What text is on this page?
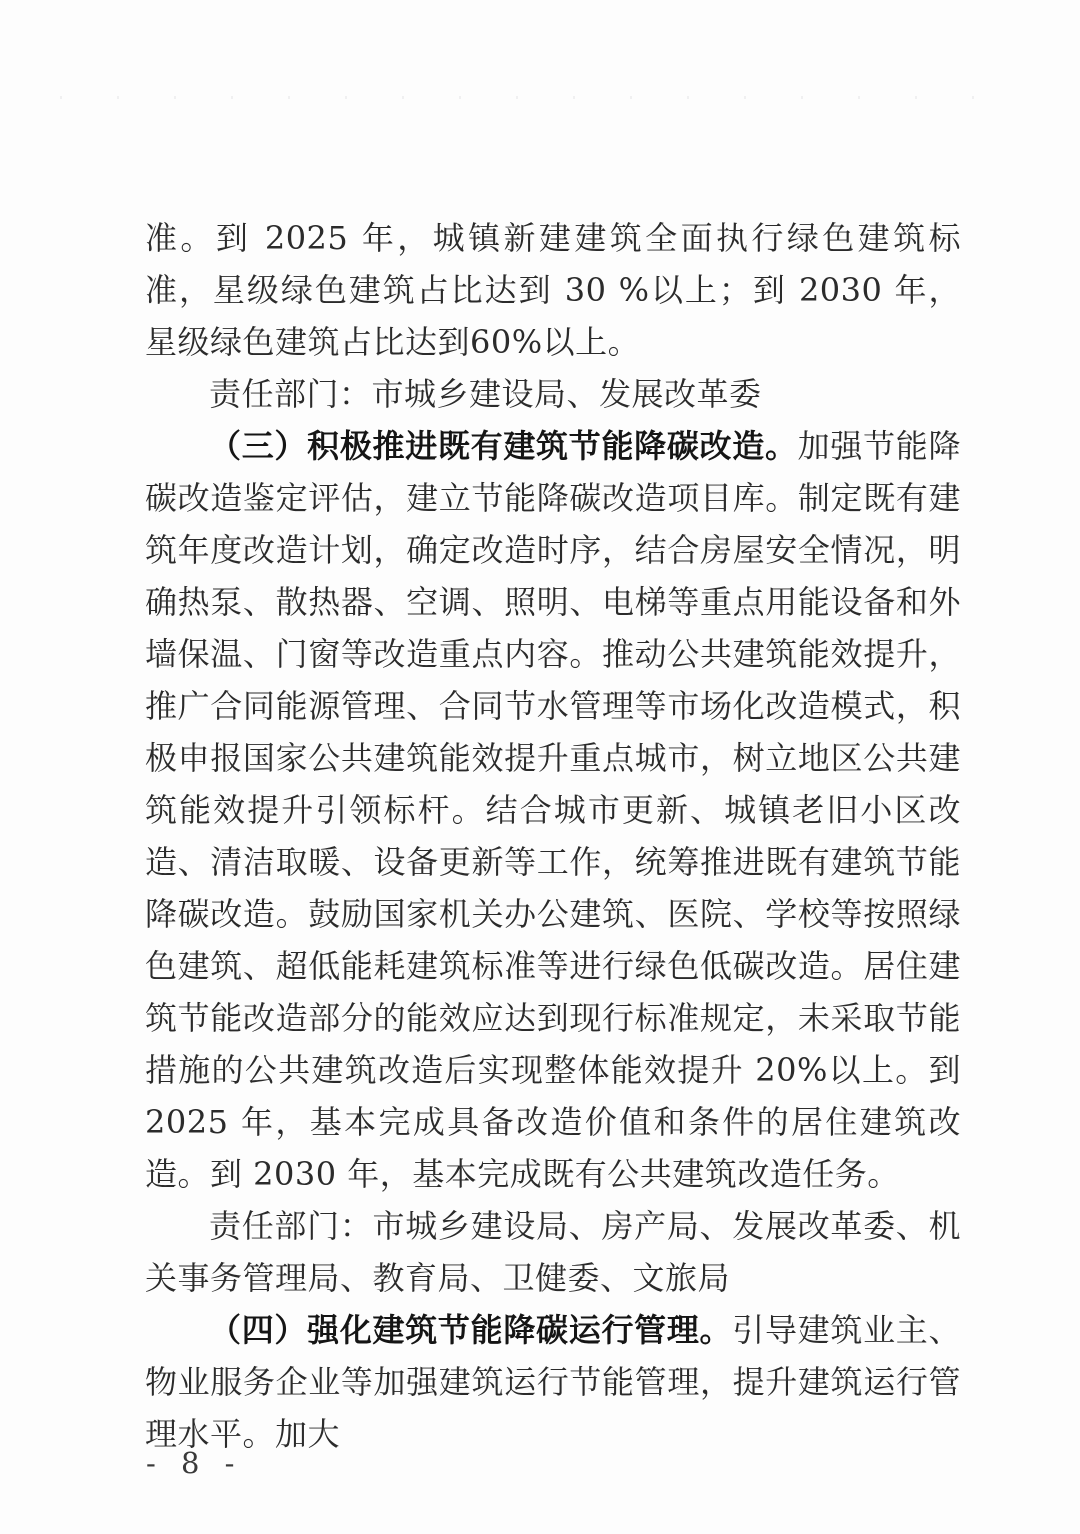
准。到 2025 年，城镇新建建筑全面执行绿色建筑标准，星级绿色建筑占比达到 30 %以上；到 2030 年，星级绿色建筑占比达到60%以上。

责任部门：市城乡建设局、发展改革委

（三）积极推进既有建筑节能降碳改造。加强节能降碳改造鉴定评估，建立节能降碳改造项目库。制定既有建筑年度改造计划，确定改造时序，结合房屋安全情况，明确热泵、散热器、空调、照明、电梯等重点用能设备和外墙保温、门窗等改造重点内容。推动公共建筑能效提升，推广合同能源管理、合同节水管理等市场化改造模式，积极申报国家公共建筑能效提升重点城市，树立地区公共建筑能效提升引领标杆。结合城市更新、城镇老旧小区改造、清洁取暖、设备更新等工作，统筹推进既有建筑节能降碳改造。鼓励国家机关办公建筑、医院、学校等按照绿色建筑、超低能耗建筑标准等进行绿色低碳改造。居住建筑节能改造部分的能效应达到现行标准规定，未采取节能措施的公共建筑改造后实现整体能效提升 20%以上。到 2025 年，基本完成具备改造价值和条件的居住建筑改造。到 2030 年，基本完成既有公共建筑改造任务。

责任部门：市城乡建设局、房产局、发展改革委、机关事务管理局、教育局、卫健委、文旅局

（四）强化建筑节能降碳运行管理。引导建筑业主、物业服务企业等加强建筑运行节能管理，提升建筑运行管理水平。加大

- 8 -
